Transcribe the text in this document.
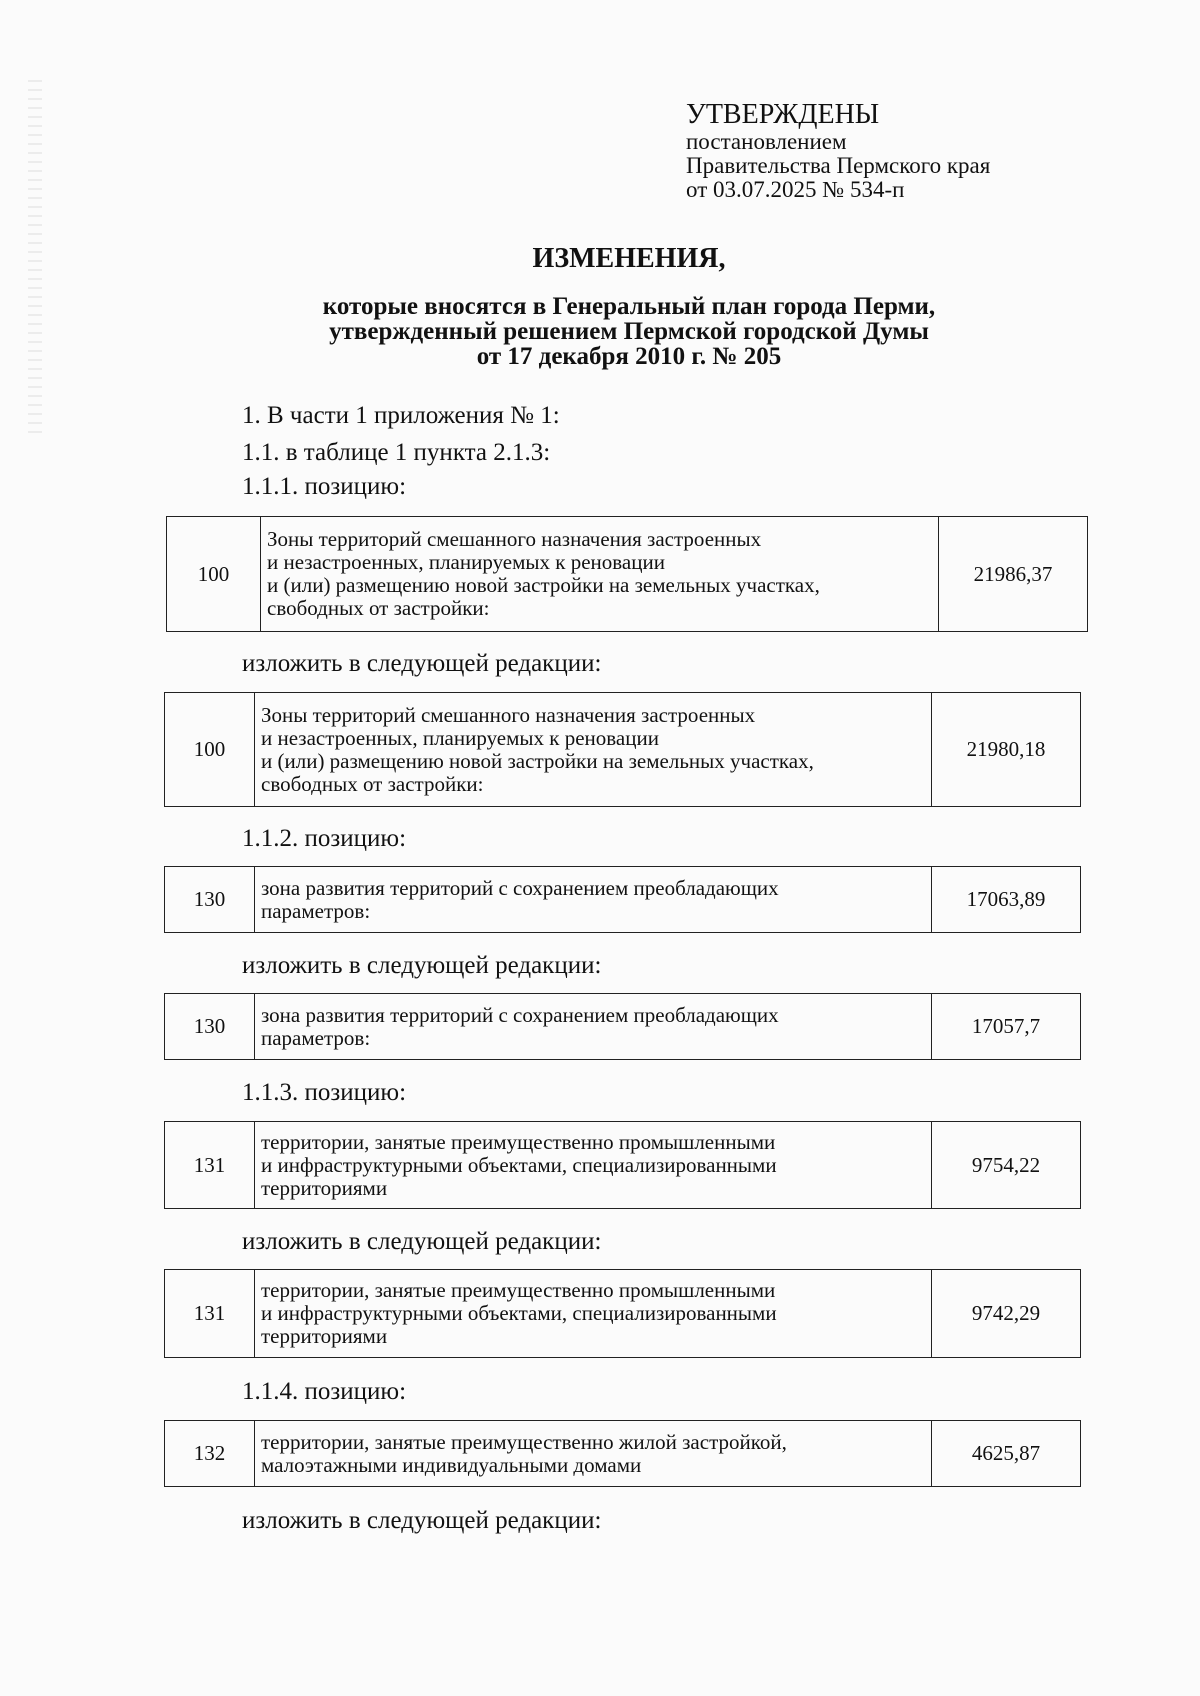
УТВЕРЖДЕНЫ
постановлением
Правительства Пермского края
от 03.07.2025 № 534-п
ИЗМЕНЕНИЯ,
которые вносятся в Генеральный план города Перми,
утвержденный решением Пермской городской Думы
от 17 декабря 2010 г. № 205
1. В части 1 приложения № 1:
1.1. в таблице 1 пункта 2.1.3:
1.1.1. позицию:
100	Зоны территорий смешанного назначения застроенных
и незастроенных, планируемых к реновации
и (или) размещению новой застройки на земельных участках,
свободных от застройки:	21986,37
изложить в следующей редакции:
100	Зоны территорий смешанного назначения застроенных
и незастроенных, планируемых к реновации
и (или) размещению новой застройки на земельных участках,
свободных от застройки:	21980,18
1.1.2. позицию:
130	зона развития территорий с сохранением преобладающих
параметров:	17063,89
изложить в следующей редакции:
130	зона развития территорий с сохранением преобладающих
параметров:	17057,7
1.1.3. позицию:
131	территории, занятые преимущественно промышленными
и инфраструктурными объектами, специализированными
территориями	9754,22
изложить в следующей редакции:
131	территории, занятые преимущественно промышленными
и инфраструктурными объектами, специализированными
территориями	9742,29
1.1.4. позицию:
132	территории, занятые преимущественно жилой застройкой,
малоэтажными индивидуальными домами	4625,87
изложить в следующей редакции:
